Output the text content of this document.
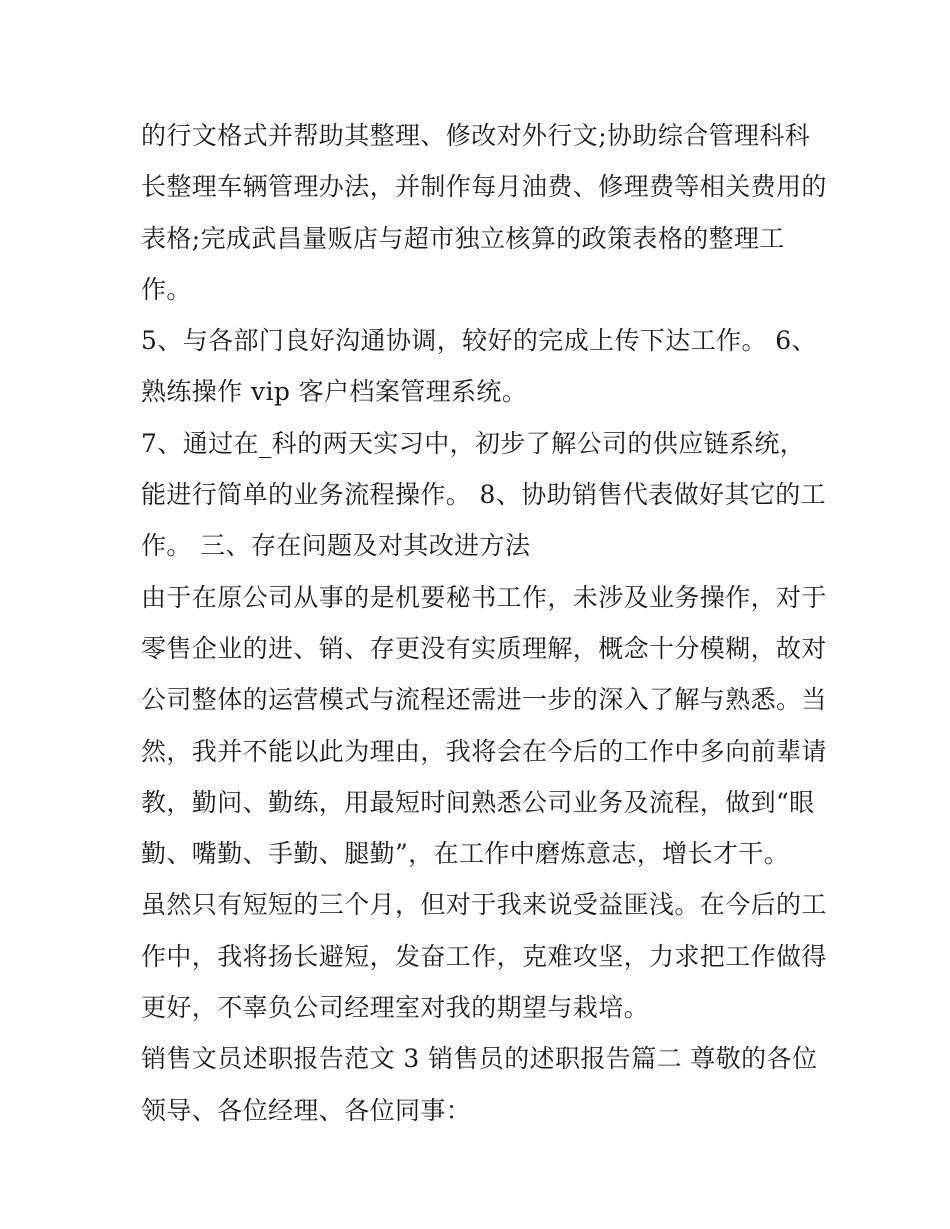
的行文格式并帮助其整理、修改对外行文;协助综合管理科科
长整理车辆管理办法，并制作每月油费、修理费等相关费用的
表格;完成武昌量贩店与超市独立核算的政策表格的整理工
作。
5、与各部门良好沟通协调，较好的完成上传下达工作。 6、
熟练操作 vip 客户档案管理系统。
7、通过在_科的两天实习中，初步了解公司的供应链系统，
能进行简单的业务流程操作。 8、协助销售代表做好其它的工
作。 三、存在问题及对其改进方法
由于在原公司从事的是机要秘书工作，未涉及业务操作，对于
零售企业的进、销、存更没有实质理解，概念十分模糊，故对
公司整体的运营模式与流程还需进一步的深入了解与熟悉。当
然，我并不能以此为理由，我将会在今后的工作中多向前辈请
教，勤问、勤练，用最短时间熟悉公司业务及流程，做到“眼
勤、嘴勤、手勤、腿勤”，在工作中磨炼意志，增长才干。
虽然只有短短的三个月，但对于我来说受益匪浅。在今后的工
作中，我将扬长避短，发奋工作，克难攻坚，力求把工作做得
更好，不辜负公司经理室对我的期望与栽培。
销售文员述职报告范文 3 销售员的述职报告篇二 尊敬的各位
领导、各位经理、各位同事：
